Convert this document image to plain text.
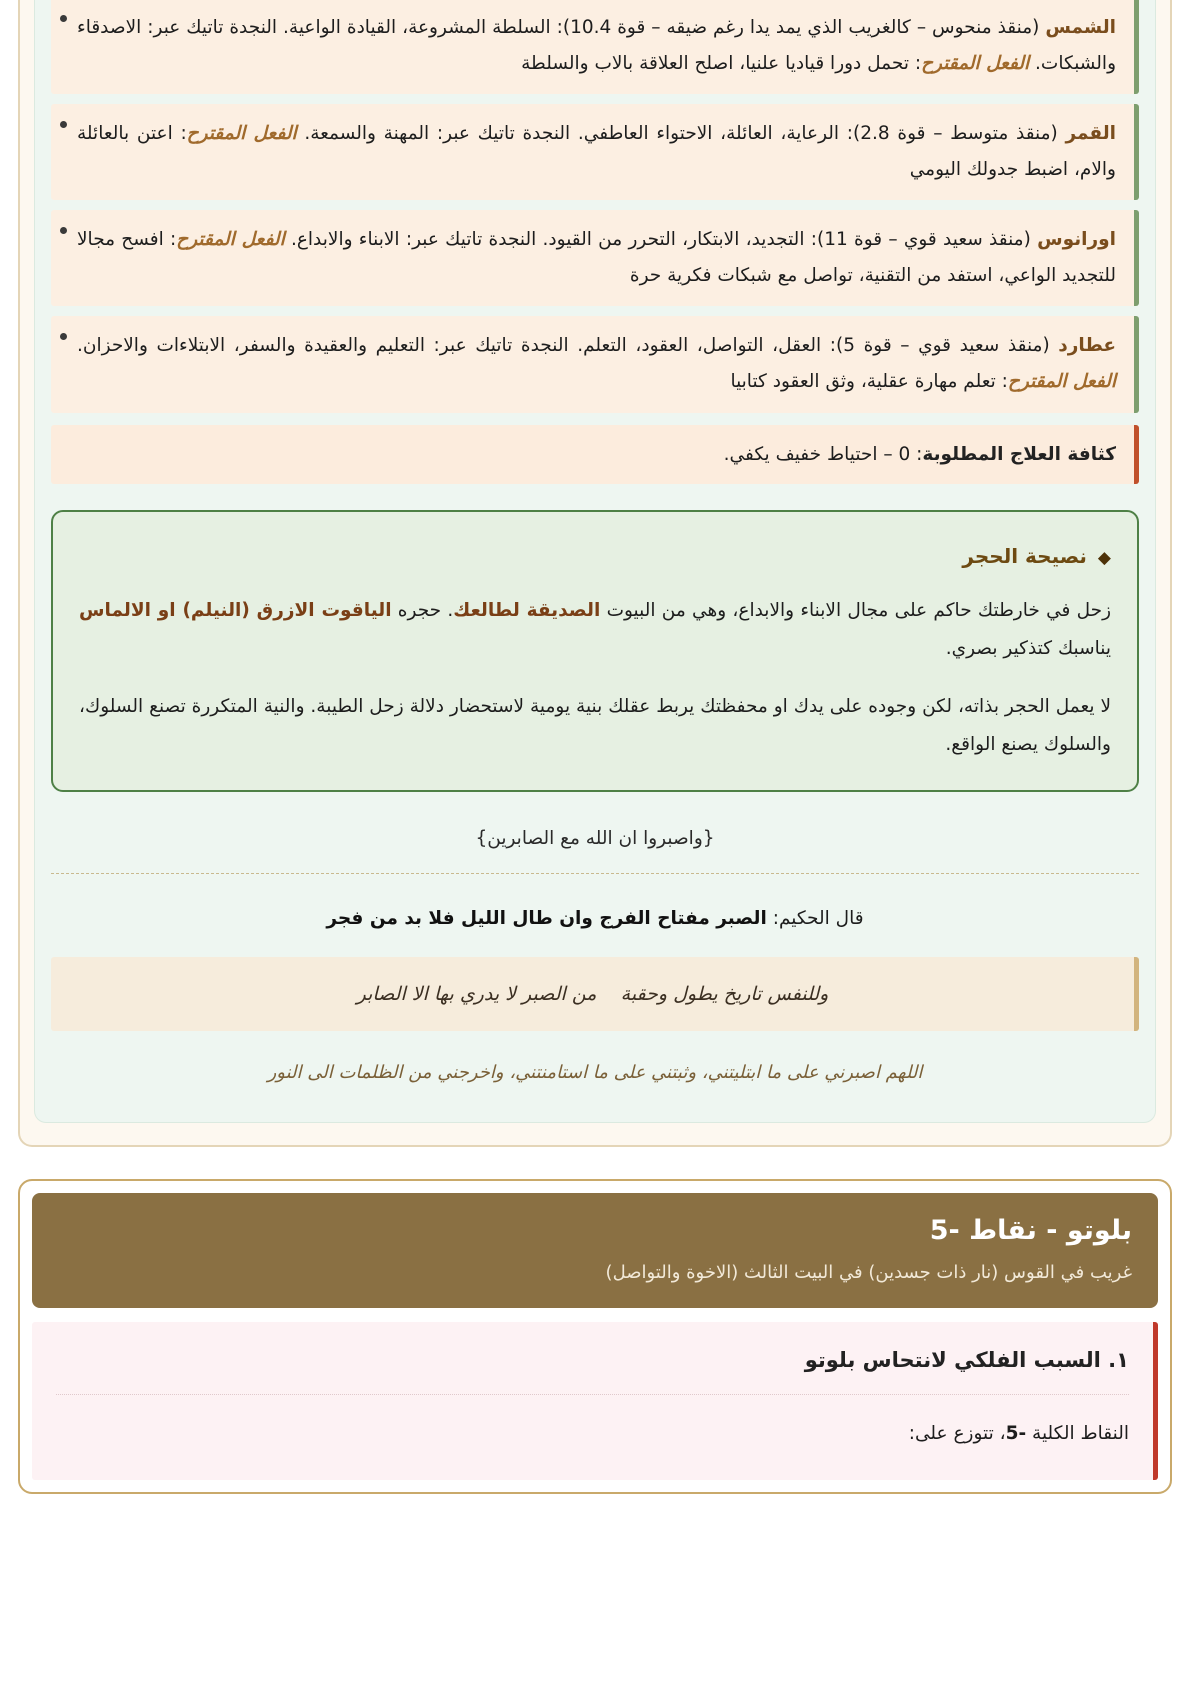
الشمس (منقذ منحوس – كالغريب الذي يمد يدا رغم ضيقه – قوة 10.4): السلطة المشروعة، القيادة الواعية. النجدة تاتيك عبر: الاصدقاء والشبكات. الفعل المقترح: تحمل دورا قياديا علنيا، اصلح العلاقة بالاب والسلطة
القمر (منقذ متوسط – قوة 2.8): الرعاية، العائلة، الاحتواء العاطفي. النجدة تاتيك عبر: المهنة والسمعة. الفعل المقترح: اعتن بالعائلة والام، اضبط جدولك اليومي
اورانوس (منقذ سعيد قوي – قوة 11): التجديد، الابتكار، التحرر من القيود. النجدة تاتيك عبر: الابناء والابداع. الفعل المقترح: افسح مجالا للتجديد الواعي، استفد من التقنية، تواصل مع شبكات فكرية حرة
عطارد (منقذ سعيد قوي – قوة 5): العقل، التواصل، العقود، التعلم. النجدة تاتيك عبر: التعليم والعقيدة والسفر، الابتلاءات والاحزان. الفعل المقترح: تعلم مهارة عقلية، وثق العقود كتابيا
كثافة العلاج المطلوبة: 0 – احتياط خفيف يكفي.
◆ نصيحة الحجر

زحل في خارطتك حاكم على مجال الابناء والابداع، وهي من البيوت الصديقة لطالعك. حجره الياقوت الازرق (النيلم) او الالماس يناسبك كتذكير بصري.

لا يعمل الحجر بذاته، لكن وجوده على يدك او محفظتك يربط عقلك بنية يومية لاستحضار دلالة زحل الطيبة. والنية المتكررة تصنع السلوك، والسلوك يصنع الواقع.

{واصبروا ان الله مع الصابرين}
قال الحكيم: الصبر مفتاح الفرج وان طال الليل فلا بد من فجر
وللنفس تاريخ يطول وحقبة    من الصبر لا يدري بها الا الصابر
اللهم اصبرني على ما ابتليتني، وثبتني على ما استامنتني، واخرجني من الظلمات الى النور
بلوتو - نقاط -5
غريب في القوس (نار ذات جسدين) في البيت الثالث (الاخوة والتواصل)
١. السبب الفلكي لانتحاس بلوتو
النقاط الكلية -5، تتوزع على:
